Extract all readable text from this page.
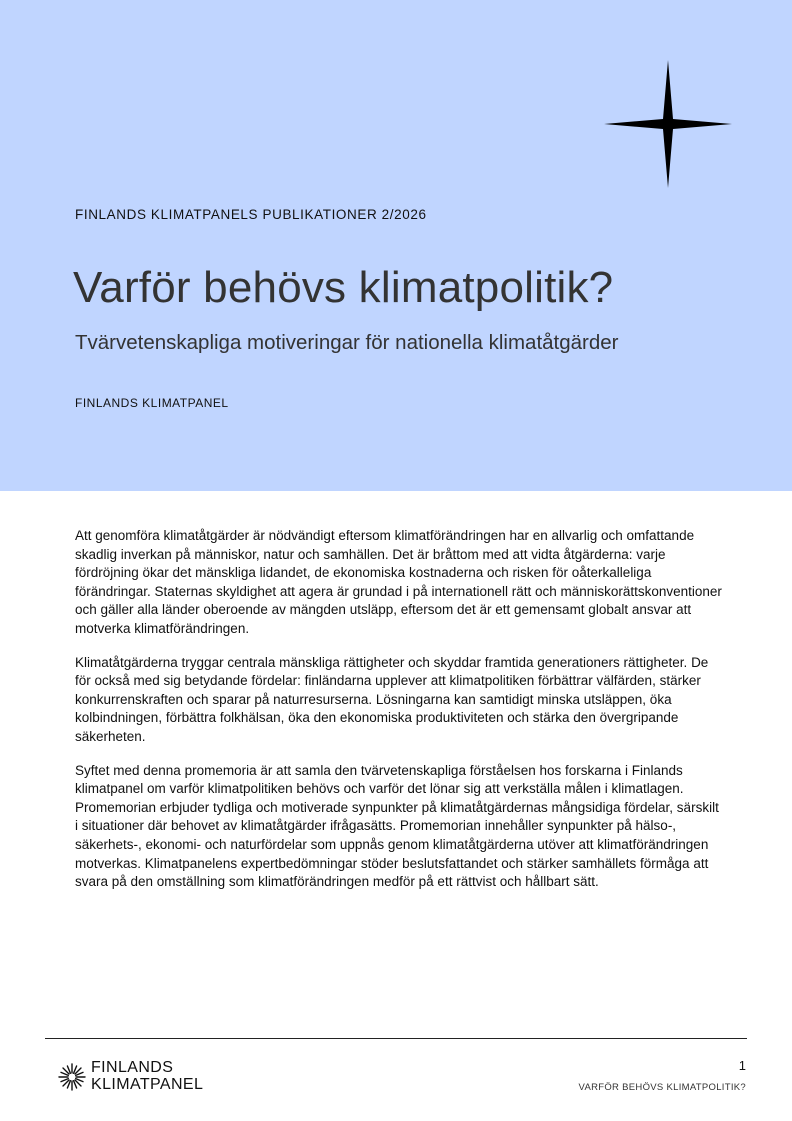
FINLANDS KLIMATPANELS PUBLIKATIONER 2/2026

Varför behövs klimatpolitik?
Tvärvetenskapliga motiveringar för nationella klimatåtgärder

FINLANDS KLIMATPANEL

Att genomföra klimatåtgärder är nödvändigt eftersom klimatförändringen har en allvarlig och omfattande skadlig inverkan på människor, natur och samhällen. Det är bråttom med att vidta åtgärderna: varje fördröjning ökar det mänskliga lidandet, de ekonomiska kostnaderna och risken för oåterkalleliga förändringar. Staternas skyldighet att agera är grundad i på internationell rätt och människorättskonventioner och gäller alla länder oberoende av mängden utsläpp, eftersom det är ett gemensamt globalt ansvar att motverka klimatförändringen.

Klimatåtgärderna tryggar centrala mänskliga rättigheter och skyddar framtida generationers rättigheter. De för också med sig betydande fördelar: finländarna upplever att klimatpolitiken förbättrar välfärden, stärker konkurrenskraften och sparar på naturresurserna. Lösningarna kan samtidigt minska utsläppen, öka kolbindningen, förbättra folkhälsan, öka den ekonomiska produktiviteten och stärka den övergripande säkerheten.

Syftet med denna promemoria är att samla den tvärvetenskapliga förståelsen hos forskarna i Finlands klimatpanel om varför klimatpolitiken behövs och varför det lönar sig att verkställa målen i klimatlagen. Promemorian erbjuder tydliga och motiverade synpunkter på klimatåtgärdernas mångsidiga fördelar, särskilt i situationer där behovet av klimatåtgärder ifrågasätts. Promemorian innehåller synpunkter på hälso-, säkerhets-, ekonomi- och naturfördelar som uppnås genom klimatåtgärderna utöver att klimatförändringen motverkas. Klimatpanelens expertbedömningar stöder beslutsfattandet och stärker samhällets förmåga att svara på den omställning som klimatförändringen medför på ett rättvist och hållbart sätt.

FINLANDS
KLIMATPANEL
1
VARFÖR BEHÖVS KLIMATPOLITIK?
